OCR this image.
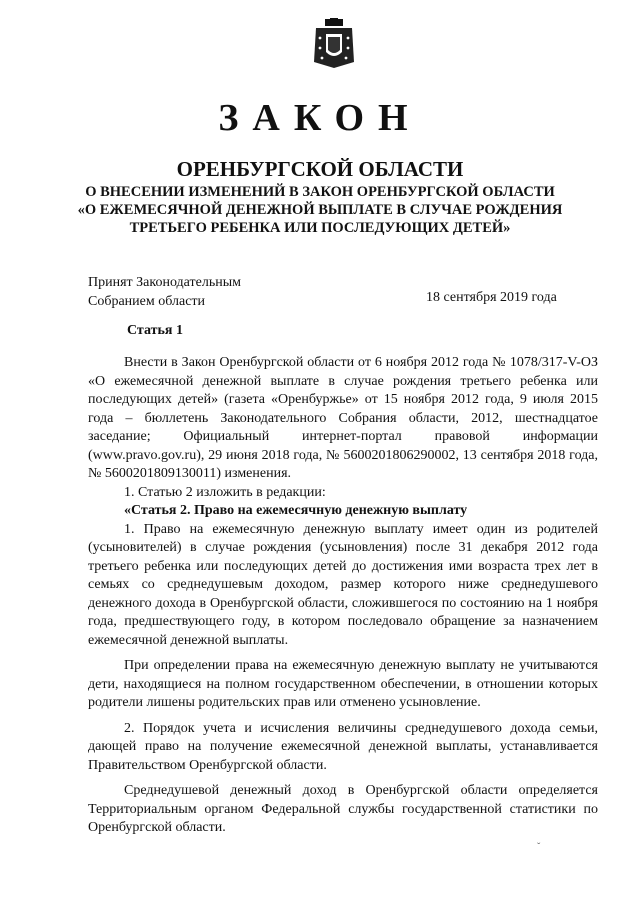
ЗАКОН
ОРЕНБУРГСКОЙ ОБЛАСТИ
О ВНЕСЕНИИ ИЗМЕНЕНИЙ В ЗАКОН ОРЕНБУРГСКОЙ ОБЛАСТИ
«О ЕЖЕМЕСЯЧНОЙ ДЕНЕЖНОЙ ВЫПЛАТЕ В СЛУЧАЕ РОЖДЕНИЯ
ТРЕТЬЕГО РЕБЕНКА ИЛИ ПОСЛЕДУЮЩИХ ДЕТЕЙ»
Принят Законодательным
Собранием области	18 сентября 2019 года
Статья 1

Внести в Закон Оренбургской области от 6 ноября 2012 года № 1078/317-V-ОЗ «О ежемесячной денежной выплате в случае рождения третьего ребенка или последующих детей» (газета «Оренбуржье» от 15 ноября 2012 года, 9 июля 2015 года – бюллетень Законодательного Собрания области, 2012, шестнадцатое заседание; Официальный интернет-портал правовой информации (www.pravo.gov.ru), 29 июня 2018 года, № 5600201806290002, 13 сентября 2018 года, № 5600201809130011) изменения.

1. Статью 2 изложить в редакции:

«Статья 2. Право на ежемесячную денежную выплату

1. Право на ежемесячную денежную выплату имеет один из родителей (усыновителей) в случае рождения (усыновления) после 31 декабря 2012 года третьего ребенка или последующих детей до достижения ими возраста трех лет в семьях со среднедушевым доходом, размер которого ниже среднедушевого денежного дохода в Оренбургской области, сложившегося по состоянию на 1 ноября года, предшествующего году, в котором последовало обращение за назначением ежемесячной денежной выплаты.

При определении права на ежемесячную денежную выплату не учитываются дети, находящиеся на полном государственном обеспечении, в отношении которых родители лишены родительских прав или отменено усыновление.

2. Порядок учета и исчисления величины среднедушевого дохода семьи, дающей право на получение ежемесячной денежной выплаты, устанавливается Правительством Оренбургской области.

Среднедушевой денежный доход в Оренбургской области определяется Территориальным органом Федеральной службы государственной статистики по Оренбургской области.

ˇ
